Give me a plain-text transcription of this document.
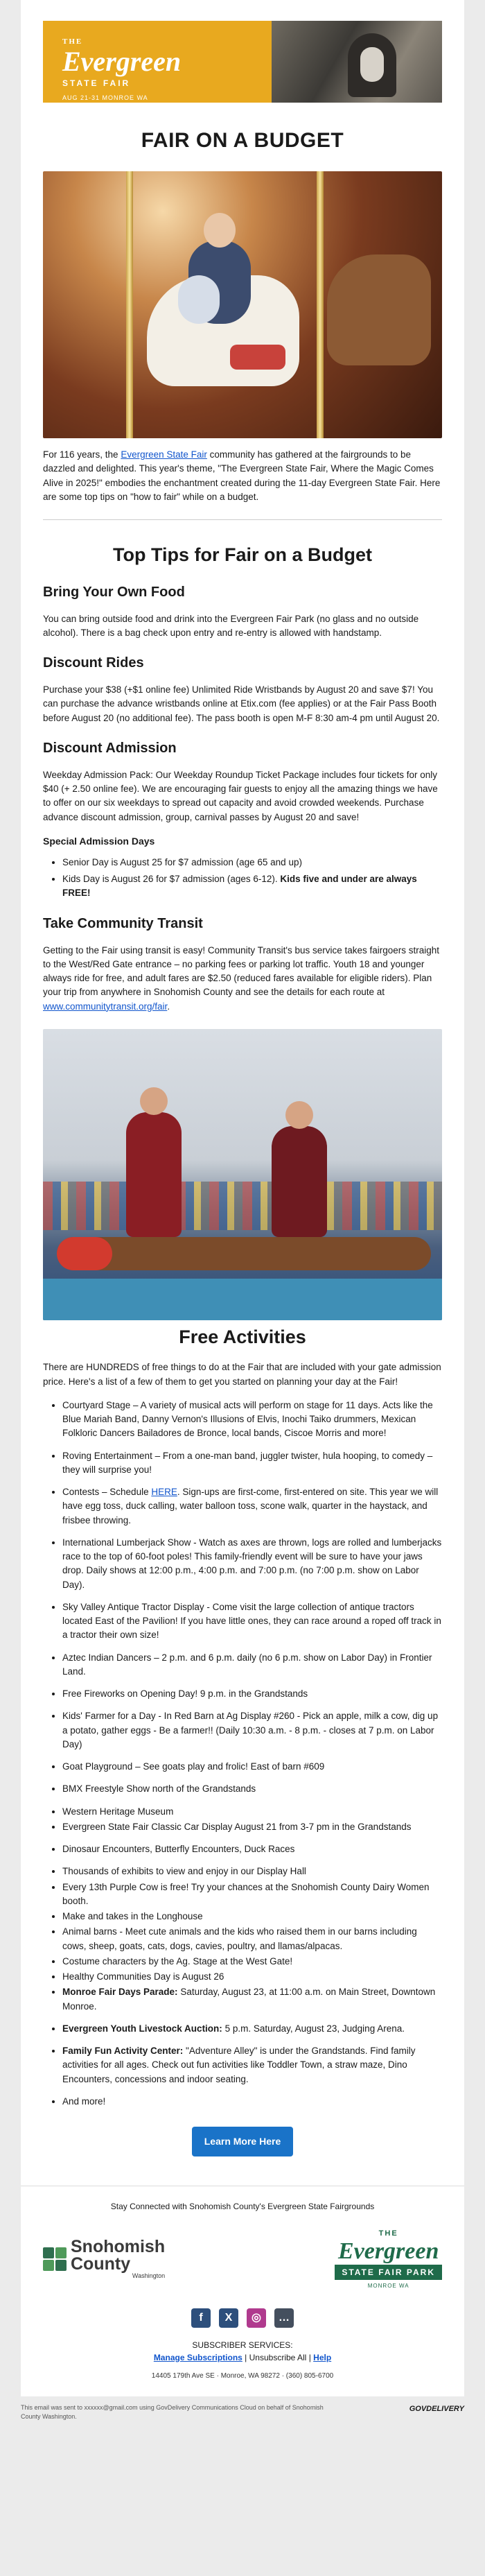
THE
Evergreen
STATE FAIR
AUG 21-31 MONROE WA
FAIR ON A BUDGET

For 116 years, the Evergreen State Fair community has gathered at the fairgrounds to be dazzled and delighted. This year's theme, "The Evergreen State Fair, Where the Magic Comes Alive in 2025!" embodies the enchantment created during the 11-day Evergreen State Fair. Here are some top tips on "how to fair" while on a budget.

Top Tips for Fair on a Budget
Bring Your Own Food

You can bring outside food and drink into the Evergreen Fair Park (no glass and no outside alcohol). There is a bag check upon entry and re-entry is allowed with handstamp.

Discount Rides

Purchase your $38 (+$1 online fee) Unlimited Ride Wristbands by August 20 and save $7! You can purchase the advance wristbands online at Etix.com (fee applies) or at the Fair Pass Booth before August 20 (no additional fee). The pass booth is open M-F 8:30 am-4 pm until August 20.

Discount Admission

Weekday Admission Pack: Our Weekday Roundup Ticket Package includes four tickets for only $40 (+ 2.50 online fee). We are encouraging fair guests to enjoy all the amazing things we have to offer on our six weekdays to spread out capacity and avoid crowded weekends. Purchase advance discount admission, group, carnival passes by August 20 and save!

Special Admission Days
• Senior Day is August 25 for $7 admission (age 65 and up)
• Kids Day is August 26 for $7 admission (ages 6-12). Kids five and under are always FREE!
Take Community Transit

Getting to the Fair using transit is easy! Community Transit's bus service takes fairgoers straight to the West/Red Gate entrance – no parking fees or parking lot traffic. Youth 18 and younger always ride for free, and adult fares are $2.50 (reduced fares available for eligible riders). Plan your trip from anywhere in Snohomish County and see the details for each route at www.communitytransit.org/fair.

Free Activities

There are HUNDREDS of free things to do at the Fair that are included with your gate admission price. Here's a list of a few of them to get you started on planning your day at the Fair!

• Courtyard Stage – A variety of musical acts will perform on stage for 11 days. Acts like the Blue Mariah Band, Danny Vernon's Illusions of Elvis, Inochi Taiko drummers, Mexican Folkloric Dancers Bailadores de Bronce, local bands, Ciscoe Morris and more!
• Roving Entertainment – From a one-man band, juggler twister, hula hooping, to comedy – they will surprise you!
• Contests – Schedule HERE. Sign-ups are first-come, first-entered on site. This year we will have egg toss, duck calling, water balloon toss, scone walk, quarter in the haystack, and frisbee throwing.
• International Lumberjack Show - Watch as axes are thrown, logs are rolled and lumberjacks race to the top of 60-foot poles! This family-friendly event will be sure to have your jaws drop. Daily shows at 12:00 p.m., 4:00 p.m. and 7:00 p.m. (no 7:00 p.m. show on Labor Day).
• Sky Valley Antique Tractor Display - Come visit the large collection of antique tractors located East of the Pavilion! If you have little ones, they can race around a roped off track in a tractor their own size!
• Aztec Indian Dancers – 2 p.m. and 6 p.m. daily (no 6 p.m. show on Labor Day) in Frontier Land.
• Free Fireworks on Opening Day! 9 p.m. in the Grandstands
• Kids' Farmer for a Day - In Red Barn at Ag Display #260 - Pick an apple, milk a cow, dig up a potato, gather eggs - Be a farmer!! (Daily 10:30 a.m. - 8 p.m. - closes at 7 p.m. on Labor Day)
• Goat Playground – See goats play and frolic! East of barn #609
• BMX Freestyle Show north of the Grandstands
• Western Heritage Museum
• Evergreen State Fair Classic Car Display August 21 from 3-7 pm in the Grandstands
• Dinosaur Encounters, Butterfly Encounters, Duck Races
• Thousands of exhibits to view and enjoy in our Display Hall
• Every 13th Purple Cow is free! Try your chances at the Snohomish County Dairy Women booth.
• Make and takes in the Longhouse
• Animal barns - Meet cute animals and the kids who raised them in our barns including cows, sheep, goats, cats, dogs, cavies, poultry, and llamas/alpacas.
• Costume characters by the Ag. Stage at the West Gate!
• Healthy Communities Day is August 26
• Monroe Fair Days Parade: Saturday, August 23, at 11:00 a.m. on Main Street, Downtown Monroe.
• Evergreen Youth Livestock Auction: 5 p.m. Saturday, August 23, Judging Arena.
• Family Fun Activity Center: "Adventure Alley" is under the Grandstands. Find family activities for all ages. Check out fun activities like Toddler Town, a straw maze, Dino Encounters, concessions and indoor seating.
• And more!
Learn More Here
Stay Connected with Snohomish County's Evergreen State Fairgrounds
Snohomish
County
Washington
THE
Evergreen
STATE FAIR PARK
MONROE WA
f	X	◎	…
SUBSCRIBER SERVICES:
Manage Subscriptions | Unsubscribe All | Help
14405 179th Ave SE · Monroe, WA 98272 · (360) 805-6700
This email was sent to xxxxxx@gmail.com using GovDelivery Communications Cloud on behalf of Snohomish County Washington.
GOVDELIVERY
